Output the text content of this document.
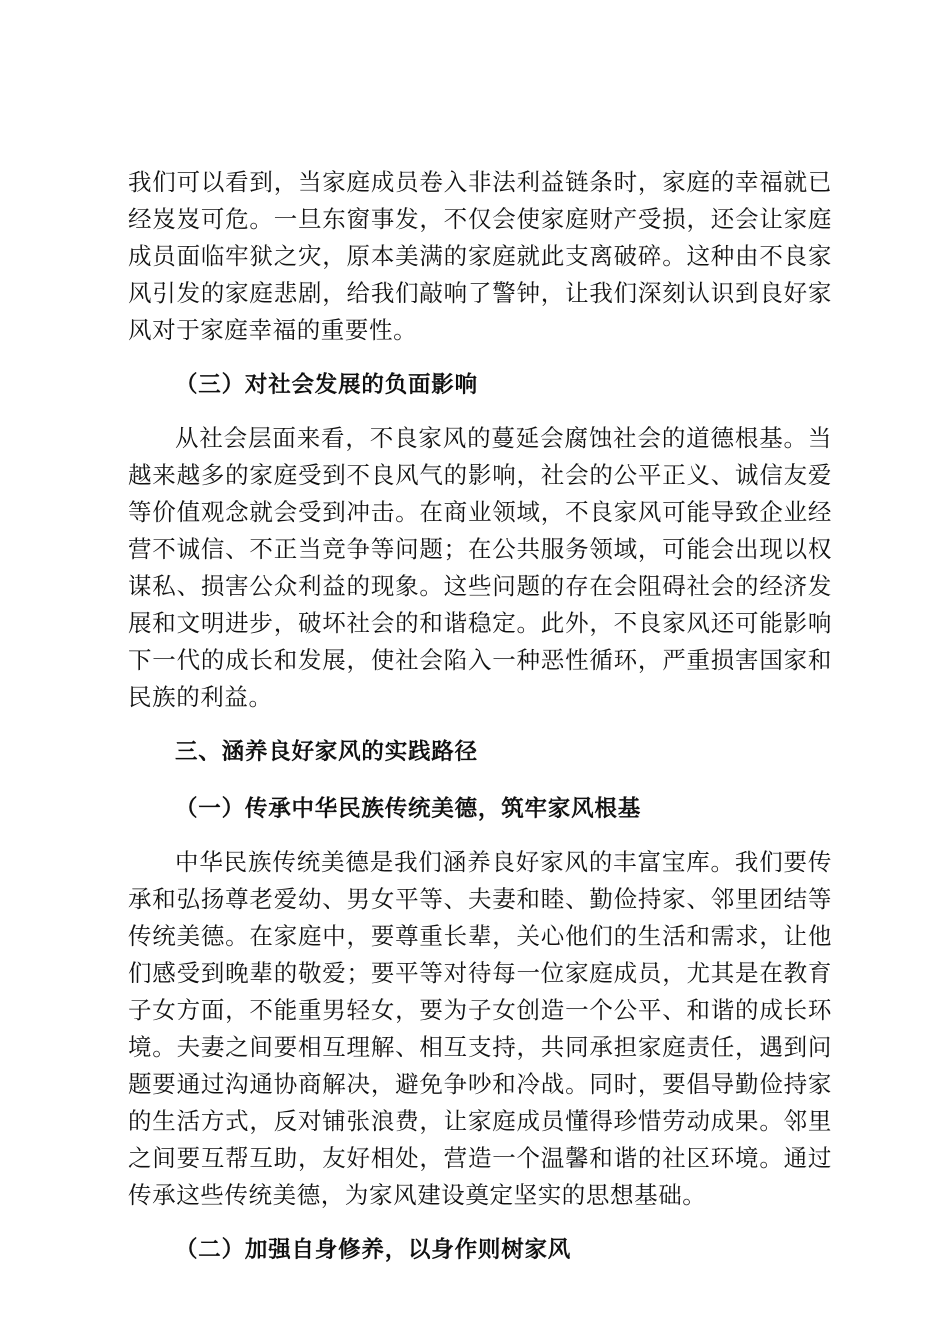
我们可以看到，当家庭成员卷入非法利益链条时，家庭的幸福就已经岌岌可危。一旦东窗事发，不仅会使家庭财产受损，还会让家庭成员面临牢狱之灾，原本美满的家庭就此支离破碎。这种由不良家风引发的家庭悲剧，给我们敲响了警钟，让我们深刻认识到良好家风对于家庭幸福的重要性。

（三）对社会发展的负面影响

从社会层面来看，不良家风的蔓延会腐蚀社会的道德根基。当越来越多的家庭受到不良风气的影响，社会的公平正义、诚信友爱等价值观念就会受到冲击。在商业领域，不良家风可能导致企业经营不诚信、不正当竞争等问题；在公共服务领域，可能会出现以权谋私、损害公众利益的现象。这些问题的存在会阻碍社会的经济发展和文明进步，破坏社会的和谐稳定。此外，不良家风还可能影响下一代的成长和发展，使社会陷入一种恶性循环，严重损害国家和民族的利益。

三、涵养良好家风的实践路径
（一）传承中华民族传统美德，筑牢家风根基

中华民族传统美德是我们涵养良好家风的丰富宝库。我们要传承和弘扬尊老爱幼、男女平等、夫妻和睦、勤俭持家、邻里团结等传统美德。在家庭中，要尊重长辈，关心他们的生活和需求，让他们感受到晚辈的敬爱；要平等对待每一位家庭成员，尤其是在教育子女方面，不能重男轻女，要为子女创造一个公平、和谐的成长环境。夫妻之间要相互理解、相互支持，共同承担家庭责任，遇到问题要通过沟通协商解决，避免争吵和冷战。同时，要倡导勤俭持家的生活方式，反对铺张浪费，让家庭成员懂得珍惜劳动成果。邻里之间要互帮互助，友好相处，营造一个温馨和谐的社区环境。通过传承这些传统美德，为家风建设奠定坚实的思想基础。

（二）加强自身修养，以身作则树家风
